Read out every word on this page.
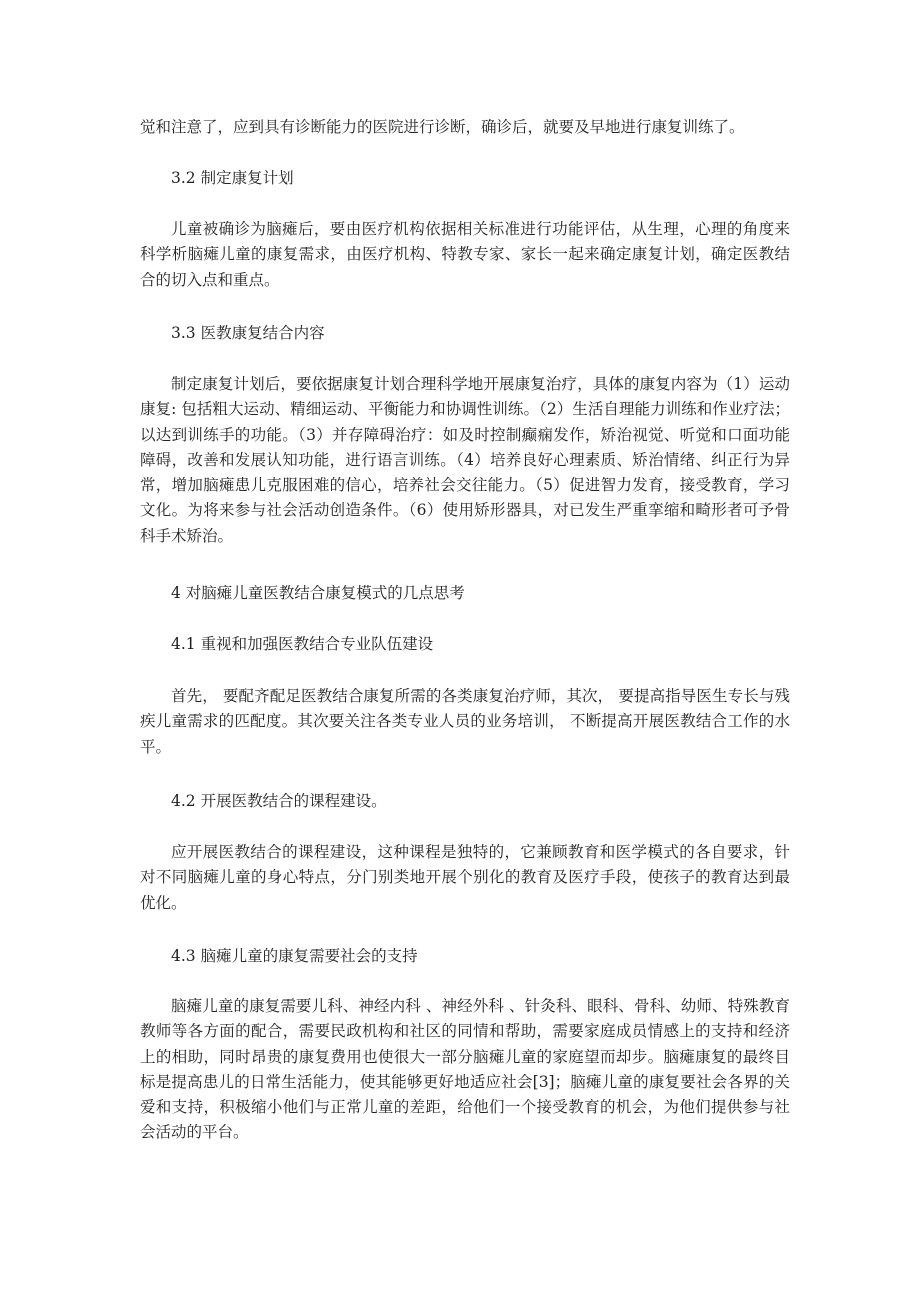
觉和注意了，应到具有诊断能力的医院进行诊断，确诊后，就要及早地进行康复训练了。

3.2 制定康复计划

儿童被确诊为脑瘫后，要由医疗机构依据相关标准进行功能评估，从生理，心理的角度来科学析脑瘫儿童的康复需求，由医疗机构、特教专家、家长一起来确定康复计划，确定医教结合的切入点和重点。

3.3 医教康复结合内容

制定康复计划后，要依据康复计划合理科学地开展康复治疗，具体的康复内容为（1）运动康复: 包括粗大运动、精细运动、平衡能力和协调性训练。（2）生活自理能力训练和作业疗法；以达到训练手的功能。（3）并存障碍治疗：如及时控制癫痫发作，矫治视觉、听觉和口面功能障碍，改善和发展认知功能，进行语言训练。（4）培养良好心理素质、矫治情绪、纠正行为异常，增加脑瘫患儿克服困难的信心，培养社会交往能力。（5）促进智力发育，接受教育，学习文化。为将来参与社会活动创造条件。（6）使用矫形器具，对已发生严重挛缩和畸形者可予骨科手术矫治。

4 对脑瘫儿童医教结合康复模式的几点思考

4.1 重视和加强医教结合专业队伍建设

首先， 要配齐配足医教结合康复所需的各类康复治疗师，其次， 要提高指导医生专长与残疾儿童需求的匹配度。其次要关注各类专业人员的业务培训， 不断提高开展医教结合工作的水平。

4.2 开展医教结合的课程建设。

应开展医教结合的课程建设，这种课程是独特的，它兼顾教育和医学模式的各自要求，针对不同脑瘫儿童的身心特点，分门别类地开展个别化的教育及医疗手段，使孩子的教育达到最优化。

4.3 脑瘫儿童的康复需要社会的支持

脑瘫儿童的康复需要儿科、神经内科 、神经外科 、针灸科、眼科、骨科、幼师、特殊教育教师等各方面的配合，需要民政机构和社区的同情和帮助，需要家庭成员情感上的支持和经济 上的相助，同时昂贵的康复费用也使很大一部分脑瘫儿童的家庭望而却步。脑瘫康复的最终目标是提高患儿的日常生活能力，使其能够更好地适应社会[3]；脑瘫儿童的康复要社会各界的关爱和支持，积极缩小他们与正常儿童的差距，给他们一个接受教育的机会，为他们提供参与社会活动的平台。
